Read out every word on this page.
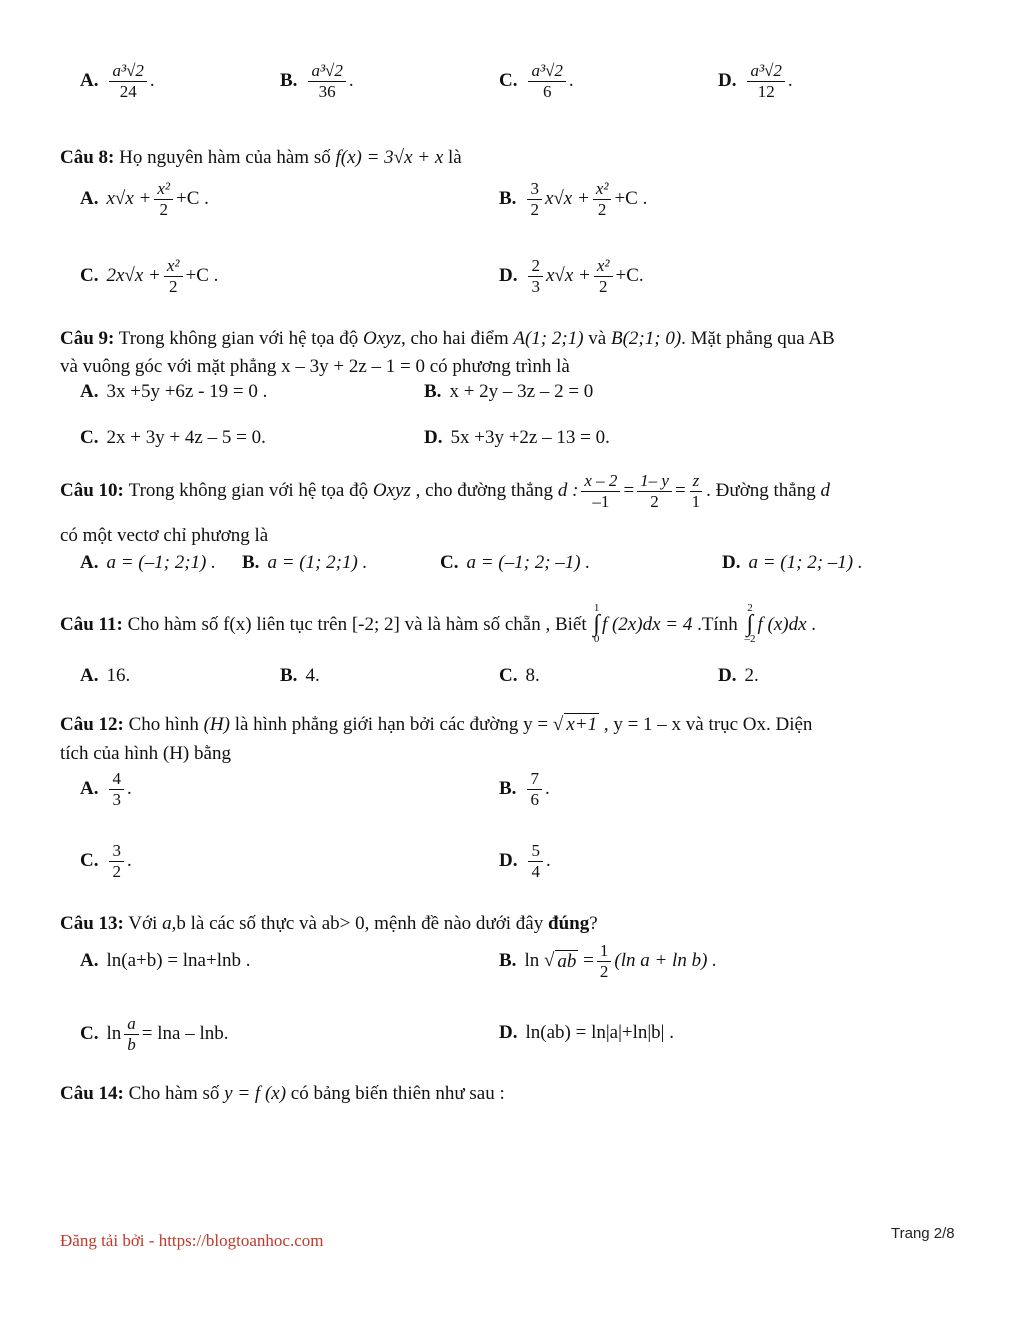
A. $\frac{\text{a³√2}}{24}$ .	B. $\frac{\text{a³√2}}{36}$ .	C. $\frac{\text{a³√2}}{6}$ .	D. $\frac{\text{a³√2}}{12}$ .
Câu 8: Họ nguyên hàm của hàm số f(x) = 3√x + x là
A. $x√x + \frac{\text{x²}}{2} +C$ .	B. $\frac{3}{2} x√x + \frac{\text{x²}}{2} +C$ .
C. $2x√x + \frac{\text{x²}}{2} +C$ .	D. $\frac{2}{3} x√x + \frac{\text{x²}}{2} +C$.
Câu 9: Trong không gian với hệ tọa độ Oxyz, cho hai điểm A(1; 2;1) và B(2;1; 0). Mặt phẳng qua AB
và vuông góc với mặt phẳng x – 3y + 2z – 1 = 0 có phương trình là
A. 3x +5y +6z - 19 = 0 .	B. x + 2y – 3z – 2 = 0
C. 2x + 3y + 4z – 5 = 0.	D. 5x +3y +2z – 13 = 0.
Câu 10:
Trong không gian với hệ tọa độ
Oxyz
, cho đường thẳng
d : $\frac{x - 2}{-1} = \frac{1- y}{2} = \frac{z}{1}$ . Đường thẳng
d
có một vectơ chỉ phương là
A. a = (–1; 2;1) . B. a = (1; 2;1) .	C. a = (–1; 2; –1) .	D. a = (1; 2; –1) .
Câu 11:
Cho hàm số f(x) liên tục trên [-2; 2] và là hàm số chẵn , Biết

1
∫
0
f (2x)dx = 4
.Tính

2
∫
–2
f (x)dx
.
A. 16.	B. 4.	C. 8.	D. 2.
Câu 12: Cho hình (H) là hình phẳng giới hạn bởi các đường y = √ x+1 , y = 1 – x và trục Ox. Diện
tích của hình (H) bằng
A. $\frac{4}{3}$ .	B. $\frac{7}{6}$ .
C. $\frac{3}{2}$ .	D. $\frac{5}{4}$ .
Câu 13: Với a,b là các số thực và ab> 0, mệnh đề nào dưới đây đúng?
A. ln(a+b) = lna+lnb .	B. ln
√ ab
= $\frac{1}{2} (\ln$ a + ln b) .
C. $\ln \frac{a}{b} = \ln a - \ln b$.	D. ln(ab) = ln|a|+ln|b| .
Câu 14: Cho hàm số y = f (x) có bảng biến thiên như sau :
Đăng tải bởi - https://blogtoanhoc.com	Trang 2/8
